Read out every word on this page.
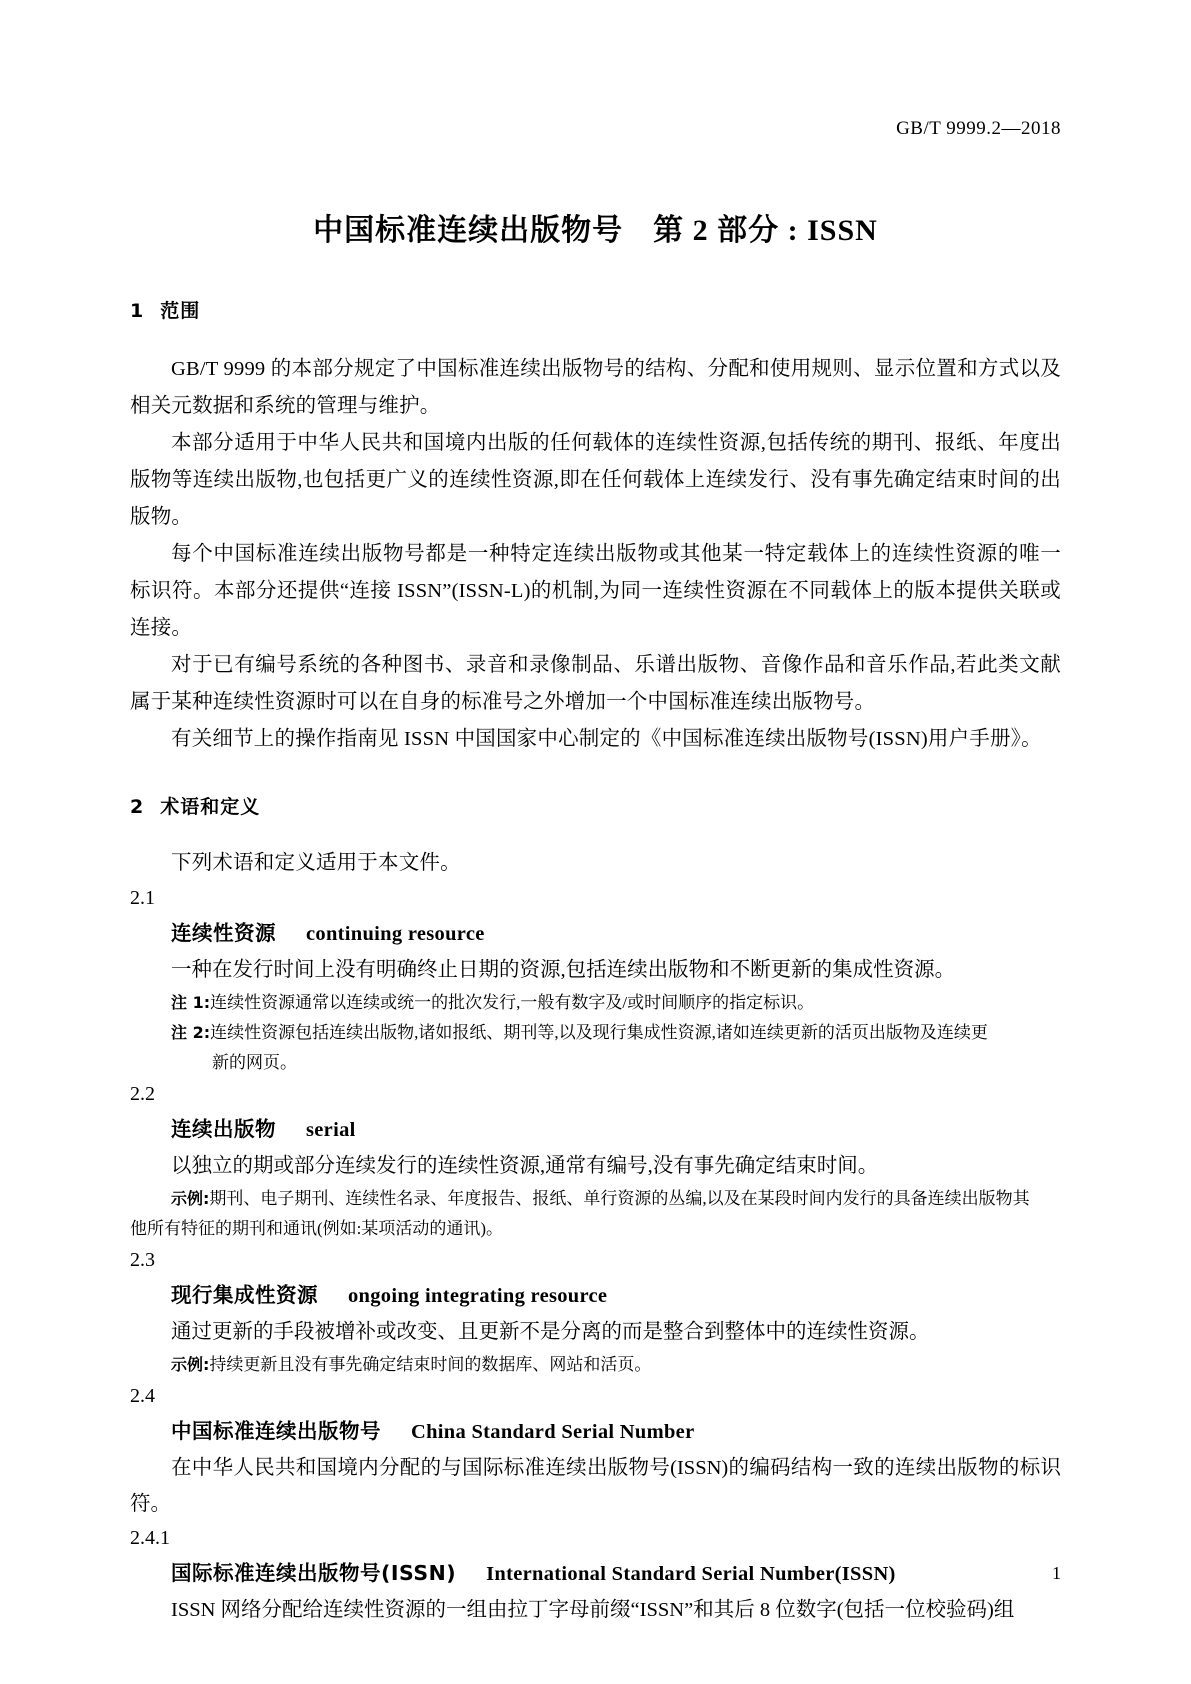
GB/T 9999.2—2018
中国标准连续出版物号 第 2 部分 : ISSN
1 范围

GB/T 9999 的本部分规定了中国标准连续出版物号的结构、分配和使用规则、显示位置和方式以及相关元数据和系统的管理与维护。

本部分适用于中华人民共和国境内出版的任何载体的连续性资源,包括传统的期刊、报纸、年度出版物等连续出版物,也包括更广义的连续性资源,即在任何载体上连续发行、没有事先确定结束时间的出版物。

每个中国标准连续出版物号都是一种特定连续出版物或其他某一特定载体上的连续性资源的唯一标识符。本部分还提供“连接 ISSN”(ISSN-L)的机制,为同一连续性资源在不同载体上的版本提供关联或连接。

对于已有编号系统的各种图书、录音和录像制品、乐谱出版物、音像作品和音乐作品,若此类文献属于某种连续性资源时可以在自身的标准号之外增加一个中国标准连续出版物号。

有关细节上的操作指南见 ISSN 中国国家中心制定的《中国标准连续出版物号(ISSN)用户手册》。

2 术语和定义

下列术语和定义适用于本文件。

2.1

连续性资源 continuing resource

一种在发行时间上没有明确终止日期的资源,包括连续出版物和不断更新的集成性资源。

注 1:连续性资源通常以连续或统一的批次发行,一般有数字及/或时间顺序的指定标识。

注 2:连续性资源包括连续出版物,诸如报纸、期刊等,以及现行集成性资源,诸如连续更新的活页出版物及连续更

新的网页。

2.2

连续出版物 serial

以独立的期或部分连续发行的连续性资源,通常有编号,没有事先确定结束时间。

示例:期刊、电子期刊、连续性名录、年度报告、报纸、单行资源的丛编,以及在某段时间内发行的具备连续出版物其

他所有特征的期刊和通讯(例如:某项活动的通讯)。

2.3

现行集成性资源 ongoing integrating resource

通过更新的手段被增补或改变、且更新不是分离的而是整合到整体中的连续性资源。

示例:持续更新且没有事先确定结束时间的数据库、网站和活页。

2.4

中国标准连续出版物号 China Standard Serial Number

在中华人民共和国境内分配的与国际标准连续出版物号(ISSN)的编码结构一致的连续出版物的标识符。

2.4.1

国际标准连续出版物号(ISSN) International Standard Serial Number(ISSN)

ISSN 网络分配给连续性资源的一组由拉丁字母前缀“ISSN”和其后 8 位数字(包括一位校验码)组

1
